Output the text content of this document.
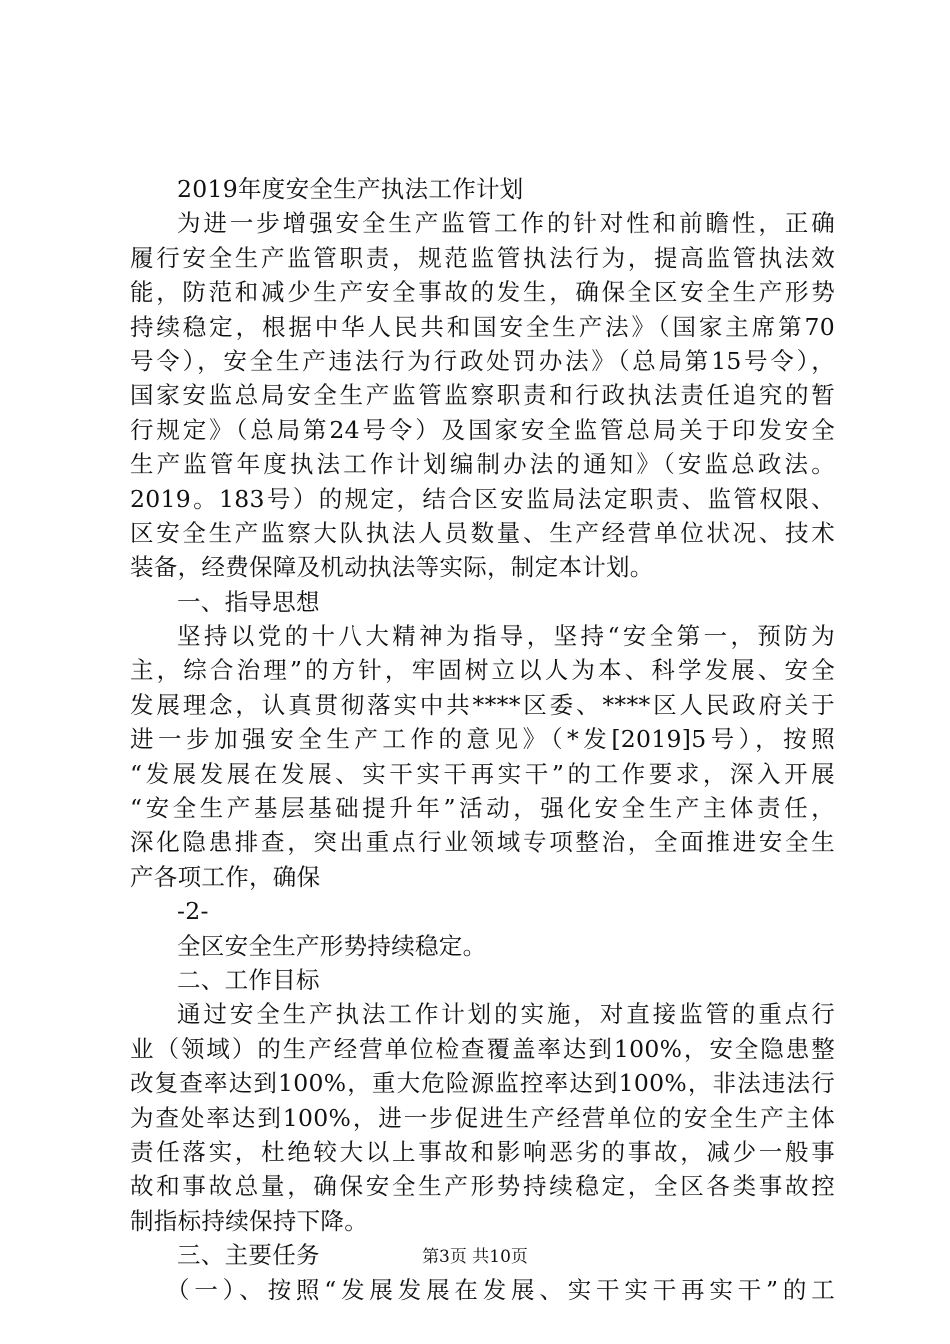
2019年度安全生产执法工作计划
为进一步增强安全生产监管工作的针对性和前瞻性，正确
履行安全生产监管职责，规范监管执法行为，提高监管执法效
能，防范和减少生产安全事故的发生，确保全区安全生产形势
持续稳定，根据中华人民共和国安全生产法》（国家主席第70
号令），安全生产违法行为行政处罚办法》（总局第15号令），
国家安监总局安全生产监管监察职责和行政执法责任追究的暂
行规定》（总局第24号令）及国家安全监管总局关于印发安全
生产监管年度执法工作计划编制办法的通知》（安监总政法。
2019。183号）的规定，结合区安监局法定职责、监管权限、
区安全生产监察大队执法人员数量、生产经营单位状况、技术
装备，经费保障及机动执法等实际，制定本计划。
一、指导思想
坚持以党的十八大精神为指导，坚持“安全第一，预防为
主，综合治理”的方针，牢固树立以人为本、科学发展、安全
发展理念，认真贯彻落实中共****区委、****区人民政府关于
进一步加强安全生产工作的意见》（*发[2019]5号），按照
“发展发展在发展、实干实干再实干”的工作要求，深入开展
“安全生产基层基础提升年”活动，强化安全生产主体责任，
深化隐患排查，突出重点行业领域专项整治，全面推进安全生
产各项工作，确保
-2-
全区安全生产形势持续稳定。
二、工作目标
通过安全生产执法工作计划的实施，对直接监管的重点行
业（领域）的生产经营单位检查覆盖率达到100%，安全隐患整
改复查率达到100%，重大危险源监控率达到100%，非法违法行
为查处率达到100%，进一步促进生产经营单位的安全生产主体
责任落实，杜绝较大以上事故和影响恶劣的事故，减少一般事
故和事故总量，确保安全生产形势持续稳定，全区各类事故控
制指标持续保持下降。
三、主要任务
（一）、按照“发展发展在发展、实干实干再实干”的工
第3页 共10页
